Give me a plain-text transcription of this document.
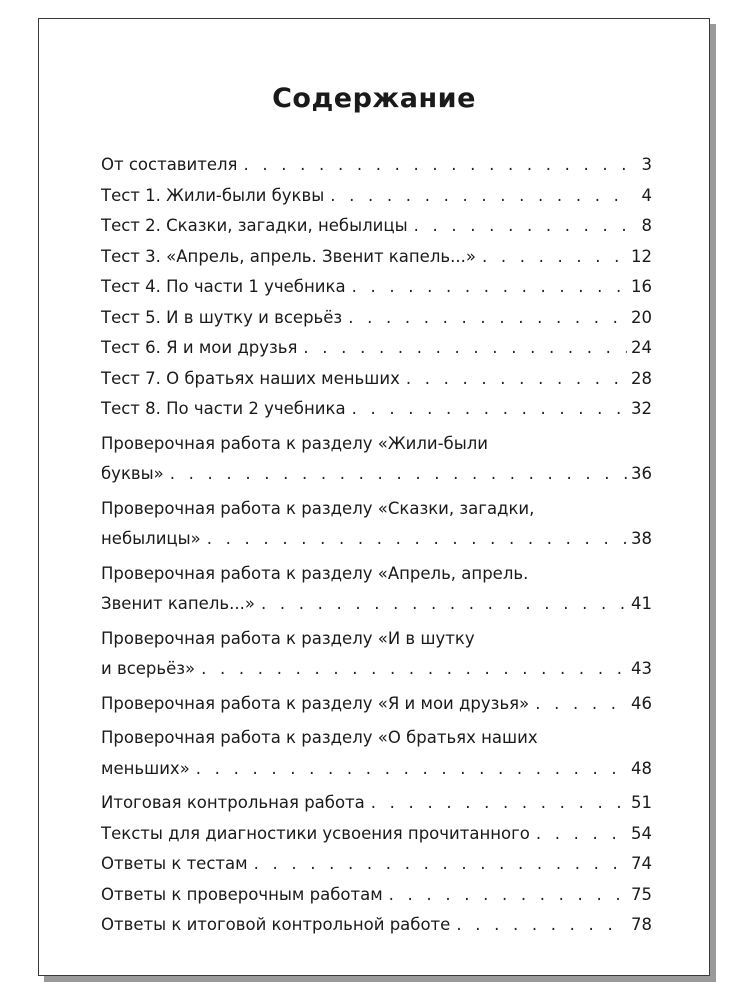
Содержание
От составителя . . .	3
Тест 1. Жили-были буквы . . .	4
Тест 2. Сказки, загадки, небылицы . . .	8
Тест 3. «Апрель, апрель. Звенит капель...» . . .	12
Тест 4. По части 1 учебника . . .	16
Тест 5. И в шутку и всерьёз . . .	20
Тест 6. Я и мои друзья . . .	24
Тест 7. О братьях наших меньших . . .	28
Тест 8. По части 2 учебника . . .	32
Проверочная работа к разделу «Жили-были
буквы» . . .	36
Проверочная работа к разделу «Сказки, загадки,
небылицы» . . .	38
Проверочная работа к разделу «Апрель, апрель.
Звенит капель...» . . .	41
Проверочная работа к разделу «И в шутку
и всерьёз» . . .	43
Проверочная работа к разделу «Я и мои друзья» . . .	46
Проверочная работа к разделу «О братьях наших
меньших» . . .	48
Итоговая контрольная работа . . .	51
Тексты для диагностики усвоения прочитанного . . .	54
Ответы к тестам . . .	74
Ответы к проверочным работам . . .	75
Ответы к итоговой контрольной работе . . .	78
